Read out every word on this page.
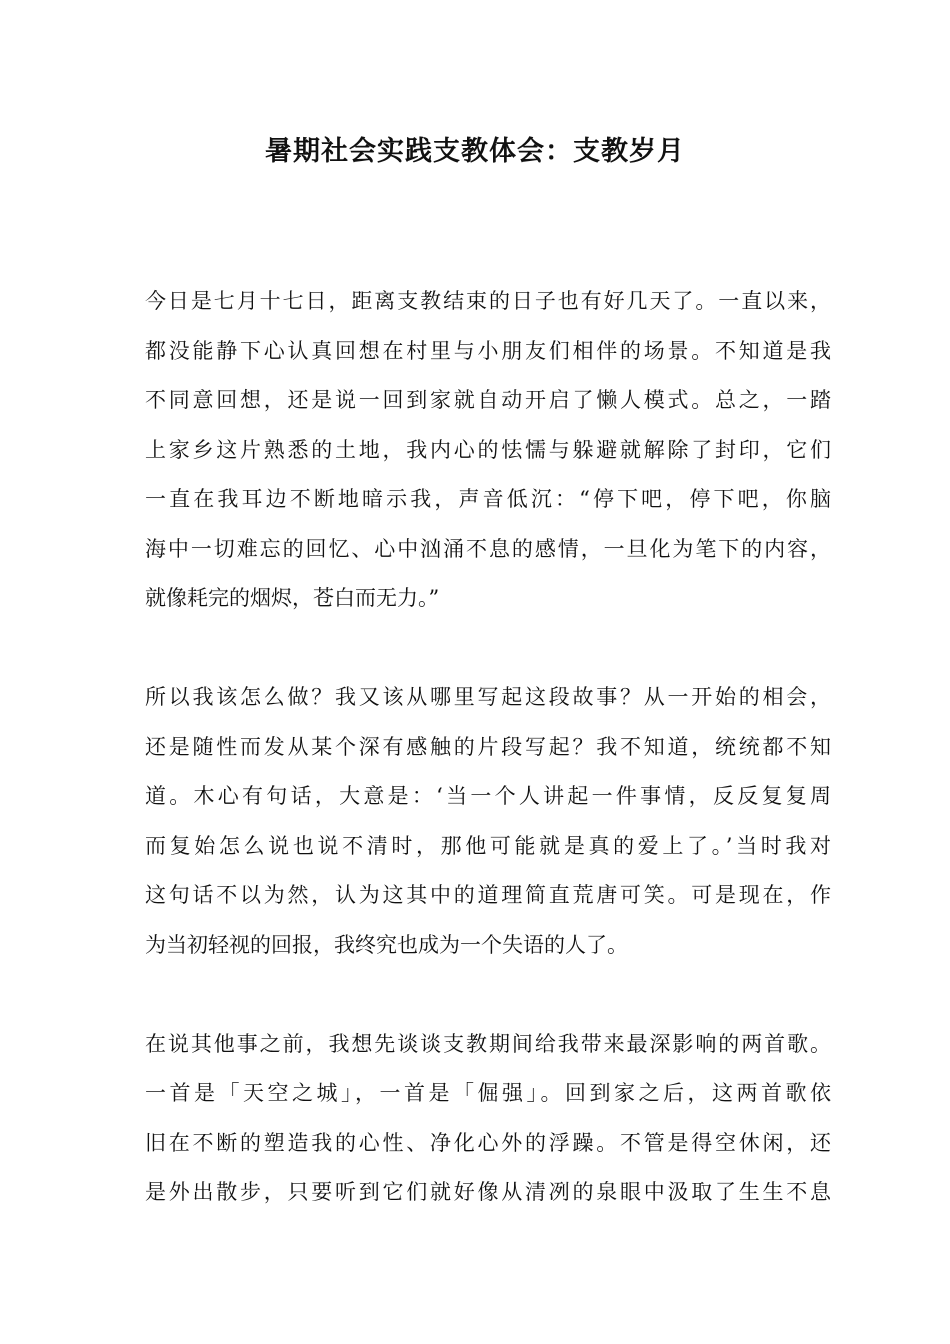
暑期社会实践支教体会：支教岁月
今日是七月十七日，距离支教结束的日子也有好几天了。一直以来，
都没能静下心认真回想在村里与小朋友们相伴的场景。不知道是我
不同意回想，还是说一回到家就自动开启了懒人模式。总之，一踏
上家乡这片熟悉的土地，我内心的怯懦与躲避就解除了封印，它们
一直在我耳边不断地暗示我，声音低沉：“停下吧，停下吧，你脑
海中一切难忘的回忆、心中汹涌不息的感情，一旦化为笔下的内容，
就像耗完的烟烬，苍白而无力。”
所以我该怎么做？我又该从哪里写起这段故事？从一开始的相会，
还是随性而发从某个深有感触的片段写起？我不知道，统统都不知
道。木心有句话，大意是：‘当一个人讲起一件事情，反反复复周
而复始怎么说也说不清时，那他可能就是真的爱上了。’当时我对
这句话不以为然，认为这其中的道理简直荒唐可笑。可是现在，作
为当初轻视的回报，我终究也成为一个失语的人了。
在说其他事之前，我想先谈谈支教期间给我带来最深影响的两首歌。
一首是「天空之城」，一首是「倔强」。回到家之后，这两首歌依
旧在不断的塑造我的心性、净化心外的浮躁。不管是得空休闲，还
是外出散步，只要听到它们就好像从清冽的泉眼中汲取了生生不息
